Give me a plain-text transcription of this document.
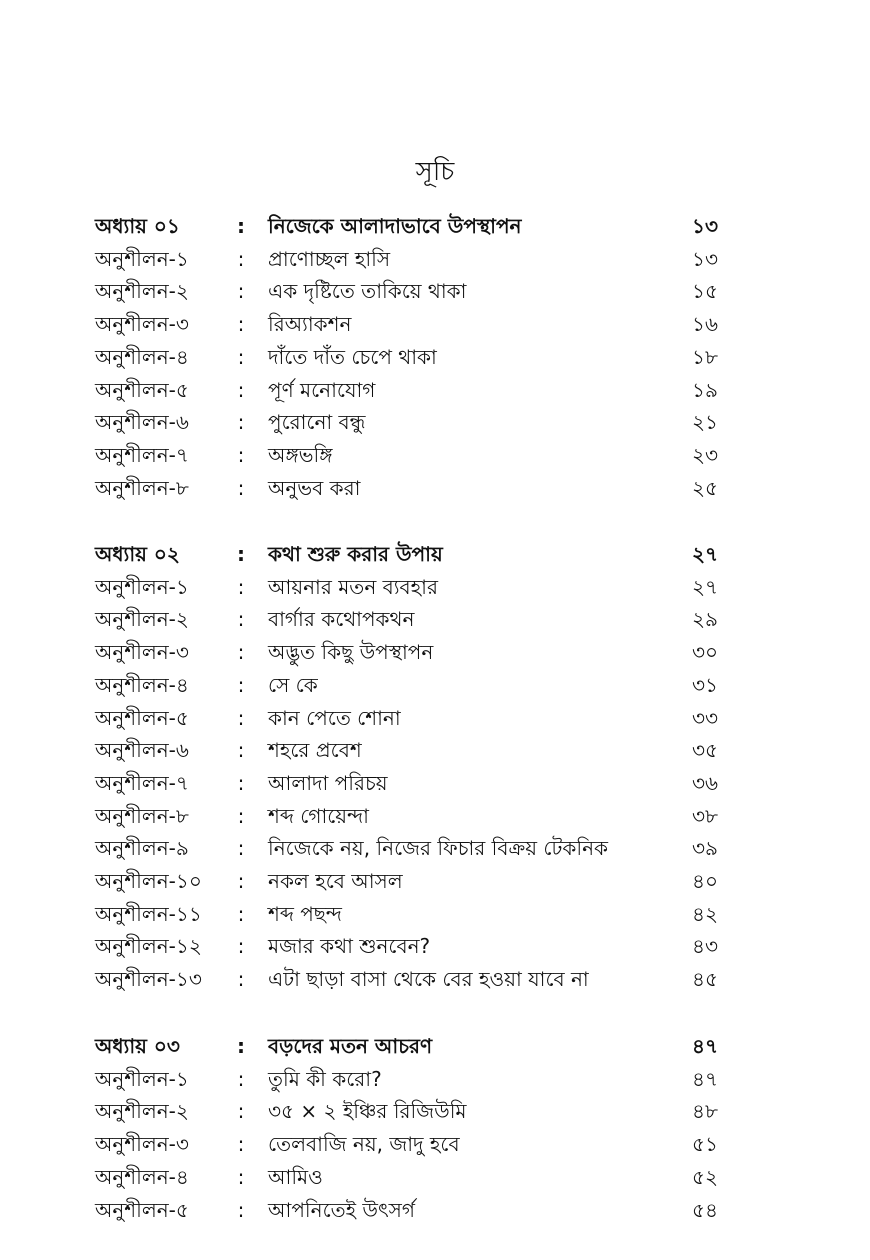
সূচি
অধ্যায় ০১	: নিজেকে আলাদাভাবে উপস্থাপন	১৩
অনুশীলন-১	: প্রাণোচ্ছল হাসি	১৩
অনুশীলন-২	: এক দৃষ্টিতে তাকিয়ে থাকা	১৫
অনুশীলন-৩	: রিঅ্যাকশন	১৬
অনুশীলন-৪	: দাঁতে দাঁত চেপে থাকা	১৮
অনুশীলন-৫	: পূর্ণ মনোযোগ	১৯
অনুশীলন-৬	: পুরোনো বন্ধু	২১
অনুশীলন-৭	: অঙ্গভঙ্গি	২৩
অনুশীলন-৮	: অনুভব করা	২৫
অধ্যায় ০২	: কথা শুরু করার উপায়	২৭
অনুশীলন-১	: আয়নার মতন ব্যবহার	২৭
অনুশীলন-২	: বার্গার কথোপকথন	২৯
অনুশীলন-৩	: অদ্ভুত কিছু উপস্থাপন	৩০
অনুশীলন-৪	: সে কে	৩১
অনুশীলন-৫	: কান পেতে শোনা	৩৩
অনুশীলন-৬	: শহরে প্রবেশ	৩৫
অনুশীলন-৭	: আলাদা পরিচয়	৩৬
অনুশীলন-৮	: শব্দ গোয়েন্দা	৩৮
অনুশীলন-৯	: নিজেকে নয়, নিজের ফিচার বিক্রয় টেকনিক	৩৯
অনুশীলন-১০	: নকল হবে আসল	৪০
অনুশীলন-১১	: শব্দ পছন্দ	৪২
অনুশীলন-১২	: মজার কথা শুনবেন?	৪৩
অনুশীলন-১৩	: এটা ছাড়া বাসা থেকে বের হওয়া যাবে না	৪৫
অধ্যায় ০৩	: বড়দের মতন আচরণ	৪৭
অনুশীলন-১	: তুমি কী করো?	৪৭
অনুশীলন-২	: ৩৫ × ২ ইঞ্চির রিজিউমি	৪৮
অনুশীলন-৩	: তেলবাজি নয়, জাদু হবে	৫১
অনুশীলন-৪	: আমিও	৫২
অনুশীলন-৫	: আপনিতেই উৎসর্গ	৫৪
